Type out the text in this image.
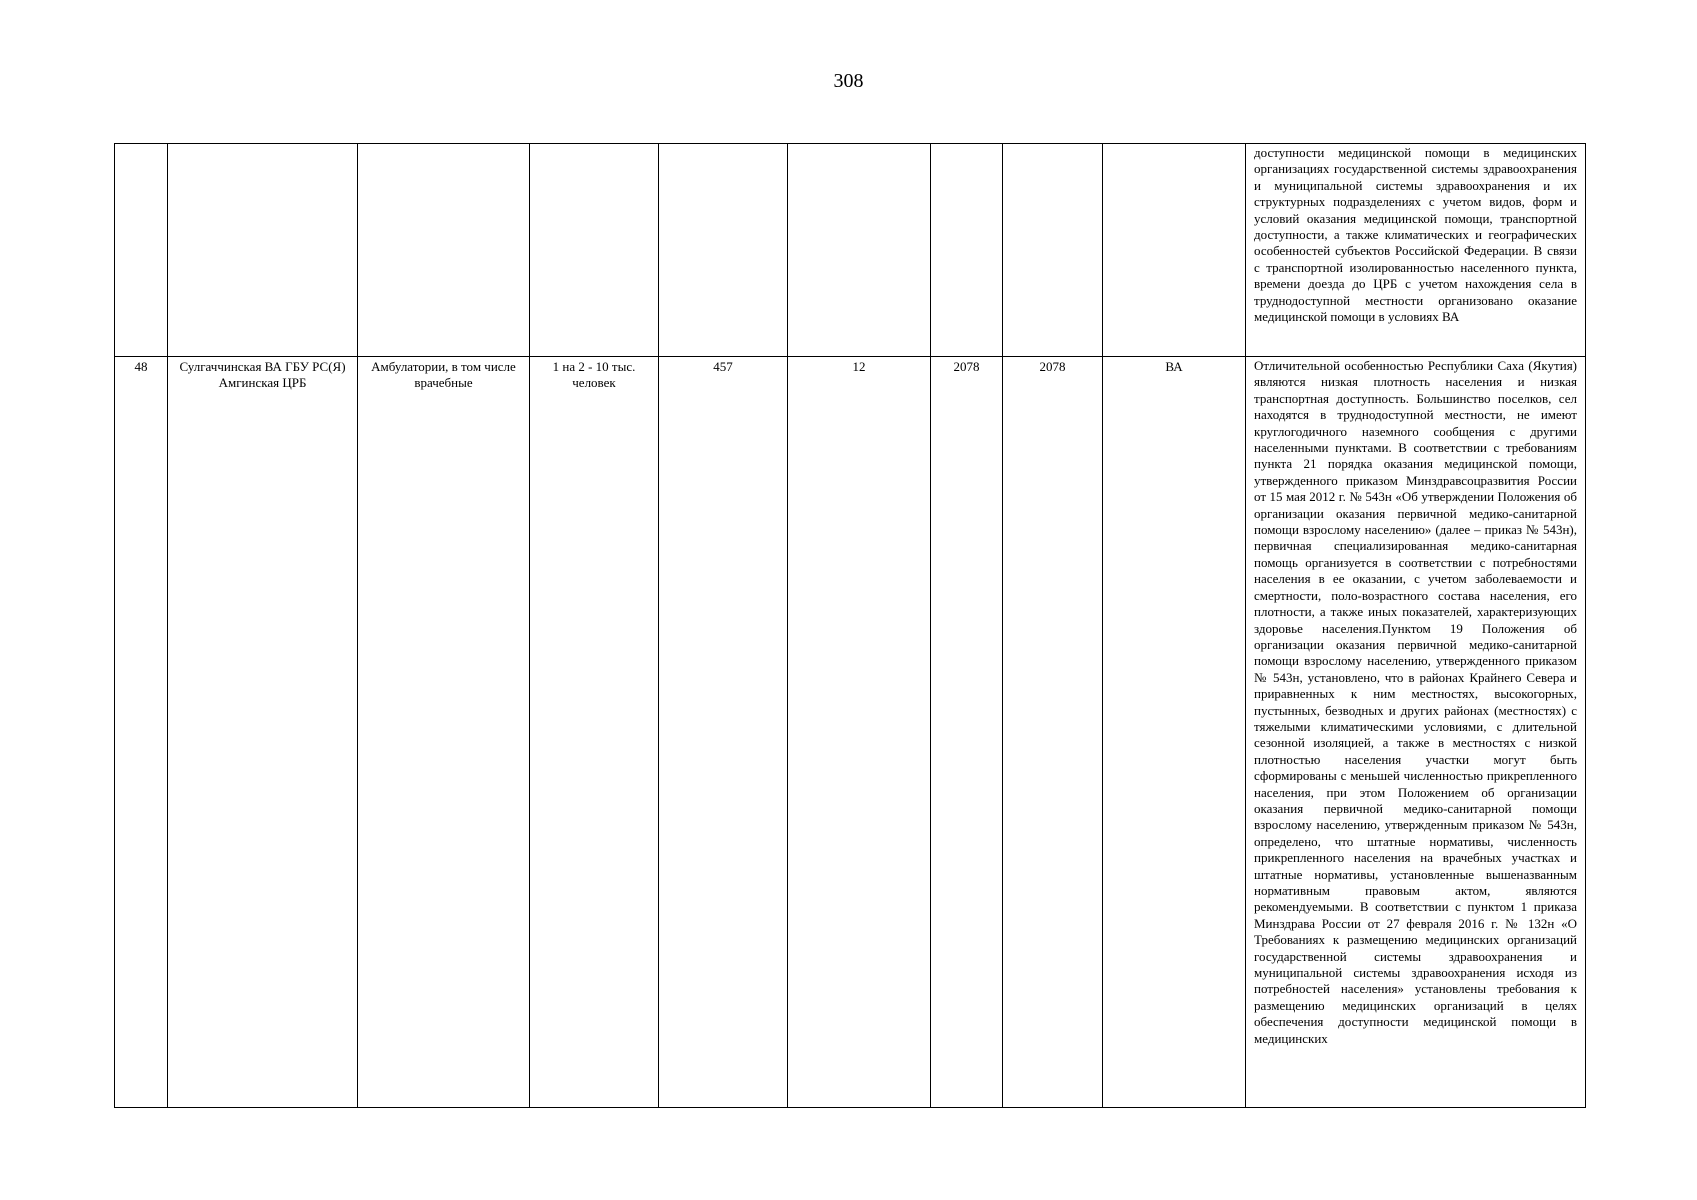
308
									доступности медицинской помощи в медицинских организациях государственной системы здравоохранения и муниципальной системы здравоохранения и их структурных подразделениях с учетом видов, форм и условий оказания медицинской помощи, транспортной доступности, а также климатических и географических особенностей субъектов Российской Федерации. В связи с транспортной изолированностью населенного пункта, времени доезда до ЦРБ с учетом нахождения села в труднодоступной местности организовано оказание медицинской помощи в условиях ВА
48	Сулгаччинская ВА ГБУ РС(Я) Амгинская ЦРБ	Амбулатории, в том числе врачебные	1 на 2 - 10 тыс. человек	457	12	2078	2078	ВА	Отличительной особенностью Республики Саха (Якутия) являются низкая плотность населения и низкая транспортная доступность. Большинство поселков, сел находятся в труднодоступной местности, не имеют круглогодичного наземного сообщения с другими населенными пунктами. В соответствии с требованиям пункта 21 порядка оказания медицинской помощи, утвержденного приказом Минздравсоцразвития России от 15 мая 2012 г. № 543н «Об утверждении Положения об организации оказания первичной медико-санитарной помощи взрослому населению» (далее – приказ № 543н), первичная специализированная медико-санитарная помощь организуется в соответствии с потребностями населения в ее оказании, с учетом заболеваемости и смертности, поло-возрастного состава населения, его плотности, а также иных показателей, характеризующих здоровье населения.Пунктом 19 Положения об организации оказания первичной медико-санитарной помощи взрослому населению, утвержденного приказом № 543н, установлено, что в районах Крайнего Севера и приравненных к ним местностях, высокогорных, пустынных, безводных и других районах (местностях) с тяжелыми климатическими условиями, с длительной сезонной изоляцией, а также в местностях с низкой плотностью населения участки могут быть сформированы с меньшей численностью прикрепленного населения, при этом Положением об организации оказания первичной медико-санитарной помощи взрослому населению, утвержденным приказом № 543н, определено, что штатные нормативы, численность прикрепленного населения на врачебных участках и штатные нормативы, установленные вышеназванным нормативным правовым актом, являются рекомендуемыми. В соответствии с пунктом 1 приказа Минздрава России от 27 февраля 2016 г. № 132н «О Требованиях к размещению медицинских организаций государственной системы здравоохранения и муниципальной системы здравоохранения исходя из потребностей населения» установлены требования к размещению медицинских организаций в целях обеспечения доступности медицинской помощи в медицинских
